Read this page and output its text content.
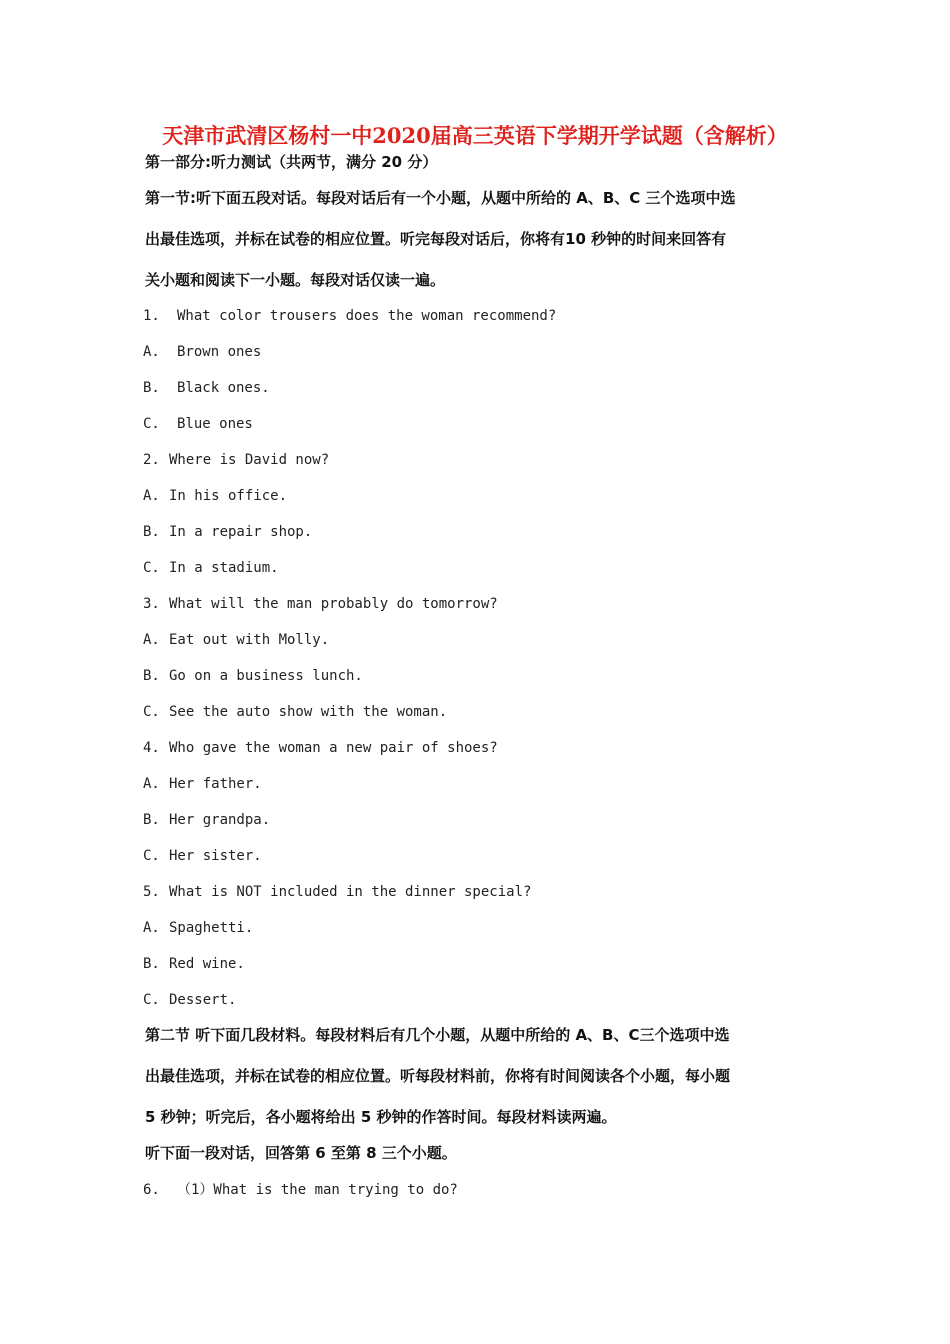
天津市武清区杨村一中2020届高三英语下学期开学试题（含解析）
第一部分:听力测试（共两节，满分 20 分）
第一节:听下面五段对话。每段对话后有一个小题，从题中所给的 A、B、C 三个选项中选
出最佳选项，并标在试卷的相应位置。听完每段对话后，你将有10 秒钟的时间来回答有
关小题和阅读下一小题。每段对话仅读一遍。
1. What color trousers does the woman recommend?
A. Brown ones
B. Black ones.
C. Blue ones
2. Where is David now?
A. In his office.
B. In a repair shop.
C. In a stadium.
3. What will the man probably do tomorrow?
A. Eat out with Molly.
B. Go on a business lunch.
C. See the auto show with the woman.
4. Who gave the woman a new pair of shoes?
A. Her father.
B. Her grandpa.
C. Her sister.
5. What is NOT included in the dinner special?
A. Spaghetti.
B. Red wine.
C. Dessert.
第二节 听下面几段材料。每段材料后有几个小题，从题中所给的 A、B、C三个选项中选
出最佳选项，并标在试卷的相应位置。听每段材料前，你将有时间阅读各个小题，每小题
5 秒钟；听完后，各小题将给出 5 秒钟的作答时间。每段材料读两遍。
听下面一段对话，回答第 6 至第 8 三个小题。
6. （1）What is the man trying to do?
